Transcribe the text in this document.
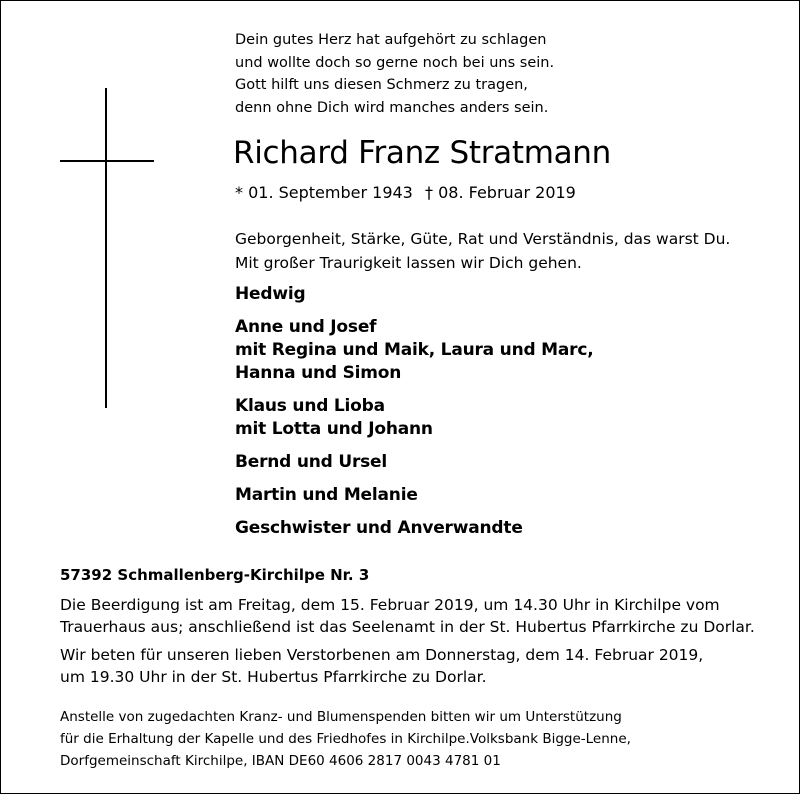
Dein gutes Herz hat aufgehört zu schlagen
und wollte doch so gerne noch bei uns sein.
Gott hilft uns diesen Schmerz zu tragen,
denn ohne Dich wird manches anders sein.
Richard Franz Stratmann
* 01. September 1943 † 08. Februar 2019
Geborgenheit, Stärke, Güte, Rat und Verständnis, das warst Du.
Mit großer Traurigkeit lassen wir Dich gehen.
Hedwig
Anne und Josef
mit Regina und Maik, Laura und Marc,
Hanna und Simon
Klaus und Lioba
mit Lotta und Johann
Bernd und Ursel
Martin und Melanie
Geschwister und Anverwandte
57392 Schmallenberg-Kirchilpe Nr. 3

Die Beerdigung ist am Freitag, dem 15. Februar 2019, um 14.30 Uhr in Kirchilpe vom
Trauerhaus aus; anschließend ist das Seelenamt in der St. Hubertus Pfarrkirche zu Dorlar.

Wir beten für unseren lieben Verstorbenen am Donnerstag, dem 14. Februar 2019,
um 19.30 Uhr in der St. Hubertus Pfarrkirche zu Dorlar.

Anstelle von zugedachten Kranz- und Blumenspenden bitten wir um Unterstützung
für die Erhaltung der Kapelle und des Friedhofes in Kirchilpe.Volksbank Bigge-Lenne,
Dorfgemeinschaft Kirchilpe, IBAN DE60 4606 2817 0043 4781 01
